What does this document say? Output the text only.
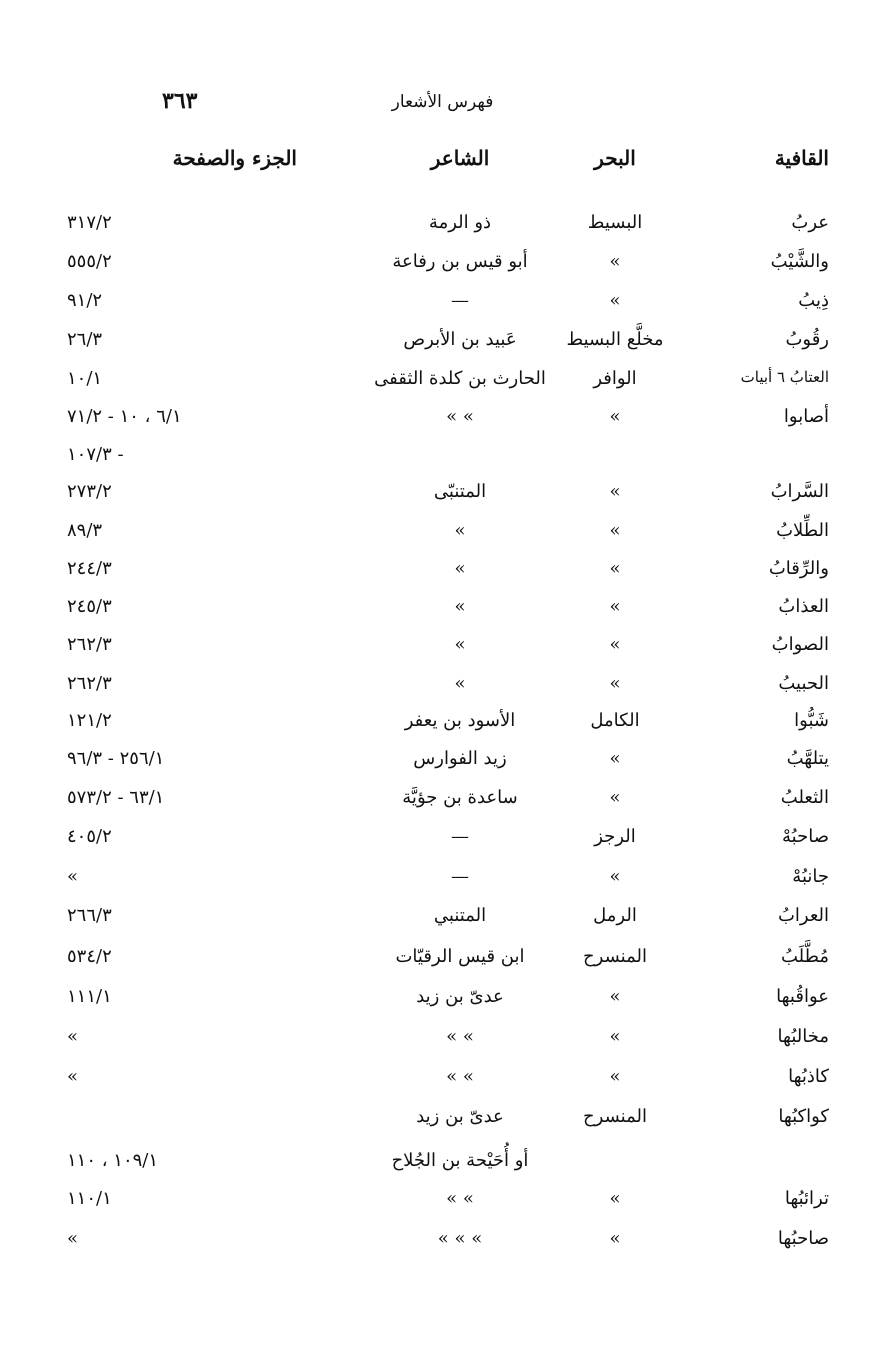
٣٦٣	فهرس الأشعار
القافية
البحر
الشاعر
الجزء والصفحة
عربُ
البسيط
ذو الرمة
٣١٧/٢
والشَّيْبُ
»
أبو قيس بن رفاعة
٥٥٥/٢
ذِيبُ
»
—
٩١/٢
رقُوبُ
مخلَّع البسيط
عَبيد بن الأبرص
٢٦/٣
العتابُ ٦ أبيات
الوافر
الحارث بن كلدة الثقفى
١٠/١
أصابوا
»
» »
٦/١ ، ١٠ - ٧١/٢
- ١٠٧/٣
السَّرابُ
»
المتنبّى
٢٧٣/٢
الطِّلابُ
»
»
٨٩/٣
والرِّقابُ
»
»
٢٤٤/٣
العذابُ
»
»
٢٤٥/٣
الصوابُ
»
»
٢٦٢/٣
الحبيبُ
»
»
٢٦٢/٣
شَبُّوا
الكامل
الأسود بن يعفر
١٢١/٢
يتلهَّبُ
»
زيد الفوارس
٢٥٦/١ - ٩٦/٣
الثعلبُ
»
ساعدة بن جؤيَّة
٦٣/١ - ٥٧٣/٢
صاحبُهْ
الرجز
—
٤٠٥/٢
جانبُهْ
»
—
»
العرابُ
الرمل
المتنبي
٢٦٦/٣
مُطَّلَبُ
المنسرح
ابن قيس الرقيّات
٥٣٤/٢
عواقُبها
»
عدىّ بن زيد
١١١/١
مخالبُها
»
» »
»
كاذبُها
»
» »
»
كواكبُها
المنسرح
عدىّ بن زيد
أو أُحَيْحة بن الجُلاح
١٠٩/١ ، ١١٠
ترائبُها
»
» »
١١٠/١
صاحبُها
»
» » »
»
